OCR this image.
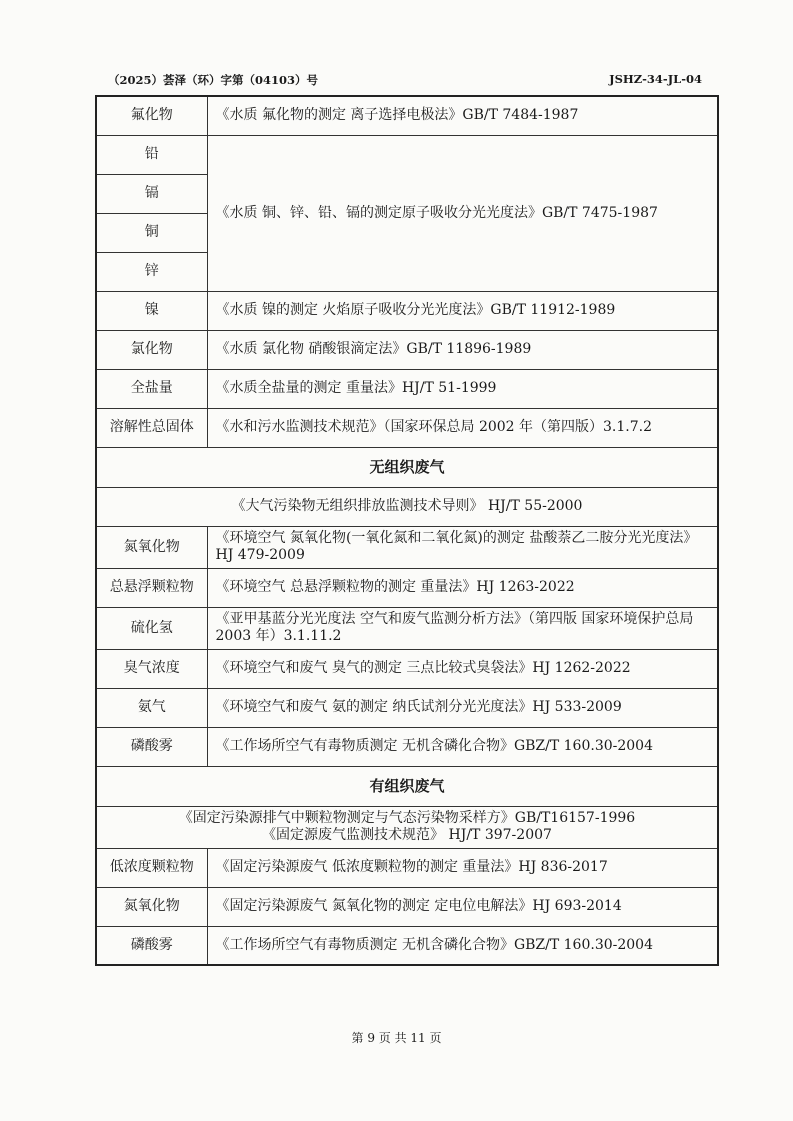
（2025）荟泽（环）字第（04103）号	JSHZ-34-JL-04
氟化物	《水质 氟化物的测定 离子选择电极法》GB/T 7484-1987
铅	《水质 铜、锌、铅、镉的测定原子吸收分光光度法》GB/T 7475-1987
镉	
铜	
锌	
镍	《水质 镍的测定 火焰原子吸收分光光度法》GB/T 11912-1989
氯化物	《水质 氯化物 硝酸银滴定法》GB/T 11896-1989
全盐量	《水质全盐量的测定 重量法》HJ/T 51-1999
溶解性总固体	《水和污水监测技术规范》（国家环保总局 2002 年（第四版）3.1.7.2
无组织废气	
《大气污染物无组织排放监测技术导则》 HJ/T 55-2000	
氮氧化物	《环境空气 氮氧化物(一氧化氮和二氧化氮)的测定 盐酸萘乙二胺分光光度法》HJ 479-2009
总悬浮颗粒物	《环境空气 总悬浮颗粒物的测定 重量法》HJ 1263-2022
硫化氢	《亚甲基蓝分光光度法 空气和废气监测分析方法》（第四版 国家环境保护总局 2003 年）3.1.11.2
臭气浓度	《环境空气和废气 臭气的测定 三点比较式臭袋法》HJ 1262-2022
氨气	《环境空气和废气 氨的测定 纳氏试剂分光光度法》HJ 533-2009
磷酸雾	《工作场所空气有毒物质测定 无机含磷化合物》GBZ/T 160.30-2004
有组织废气	

《固定污染源排气中颗粒物测定与气态污染物采样方》GB/T16157-1996
《固定源废气监测技术规范》 HJ/T 397-2007	

低浓度颗粒物	《固定污染源废气 低浓度颗粒物的测定 重量法》HJ 836-2017
氮氧化物	《固定污染源废气 氮氧化物的测定 定电位电解法》HJ 693-2014
磷酸雾	《工作场所空气有毒物质测定 无机含磷化合物》GBZ/T 160.30-2004
第 9 页 共 11 页
